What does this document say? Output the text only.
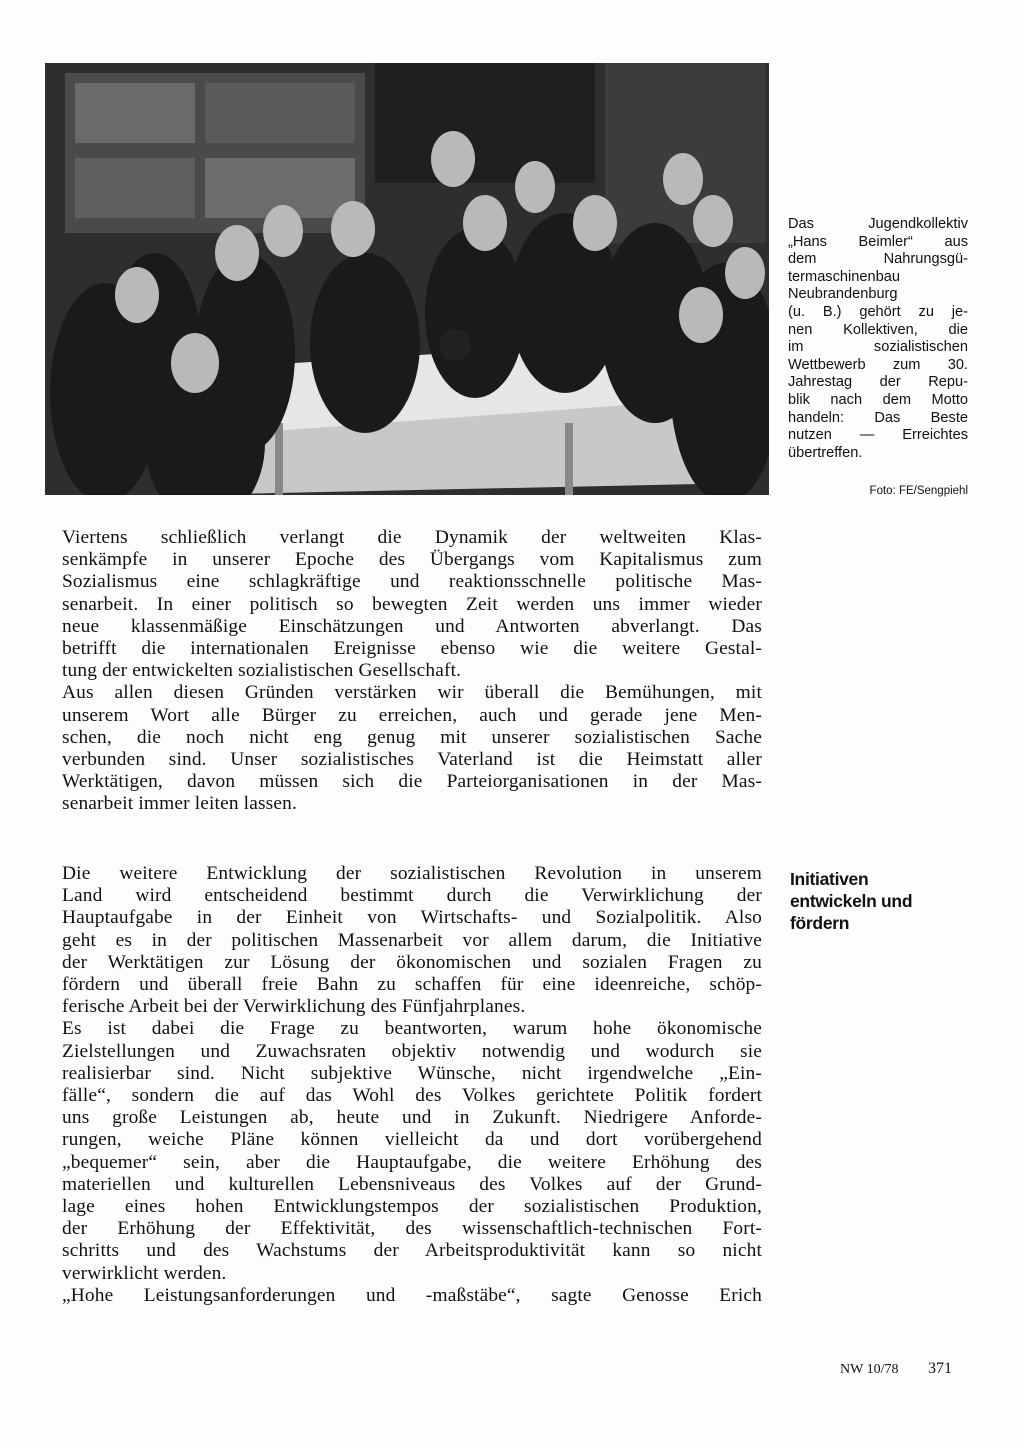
Das Jugendkollektiv
„Hans Beimler“ aus
dem Nahrungsgü-
termaschinenbau
Neubrandenburg
(u. B.) gehört zu je-
nen Kollektiven, die
im sozialistischen
Wettbewerb zum 30.
Jahrestag der Repu-
blik nach dem Motto
handeln: Das Beste
nutzen — Erreichtes
übertreffen.
Foto: FE/Sengpiehl
Viertens schließlich verlangt die Dynamik der weltweiten Klas-
senkämpfe in unserer Epoche des Übergangs vom Kapitalismus zum
Sozialismus eine schlagkräftige und reaktionsschnelle politische Mas-
senarbeit. In einer politisch so bewegten Zeit werden uns immer wieder
neue klassenmäßige Einschätzungen und Antworten abverlangt. Das
betrifft die internationalen Ereignisse ebenso wie die weitere Gestal-
tung der entwickelten sozialistischen Gesellschaft.
Aus allen diesen Gründen verstärken wir überall die Bemühungen, mit
unserem Wort alle Bürger zu erreichen, auch und gerade jene Men-
schen, die noch nicht eng genug mit unserer sozialistischen Sache
verbunden sind. Unser sozialistisches Vaterland ist die Heimstatt aller
Werktätigen, davon müssen sich die Parteiorganisationen in der Mas-
senarbeit immer leiten lassen.
Initiativen
entwickeln und
fördern
Die weitere Entwicklung der sozialistischen Revolution in unserem
Land wird entscheidend bestimmt durch die Verwirklichung der
Hauptaufgabe in der Einheit von Wirtschafts- und Sozialpolitik. Also
geht es in der politischen Massenarbeit vor allem darum, die Initiative
der Werktätigen zur Lösung der ökonomischen und sozialen Fragen zu
fördern und überall freie Bahn zu schaffen für eine ideenreiche, schöp-
ferische Arbeit bei der Verwirklichung des Fünfjahrplanes.
Es ist dabei die Frage zu beantworten, warum hohe ökonomische
Zielstellungen und Zuwachsraten objektiv notwendig und wodurch sie
realisierbar sind. Nicht subjektive Wünsche, nicht irgendwelche „Ein-
fälle“, sondern die auf das Wohl des Volkes gerichtete Politik fordert
uns große Leistungen ab, heute und in Zukunft. Niedrigere Anforde-
rungen, weiche Pläne können vielleicht da und dort vorübergehend
„bequemer“ sein, aber die Hauptaufgabe, die weitere Erhöhung des
materiellen und kulturellen Lebensniveaus des Volkes auf der Grund-
lage eines hohen Entwicklungstempos der sozialistischen Produktion,
der Erhöhung der Effektivität, des wissenschaftlich-technischen Fort-
schritts und des Wachstums der Arbeitsproduktivität kann so nicht
verwirklicht werden.
„Hohe Leistungsanforderungen und -maßstäbe“, sagte Genosse Erich
NW 10/78 371
